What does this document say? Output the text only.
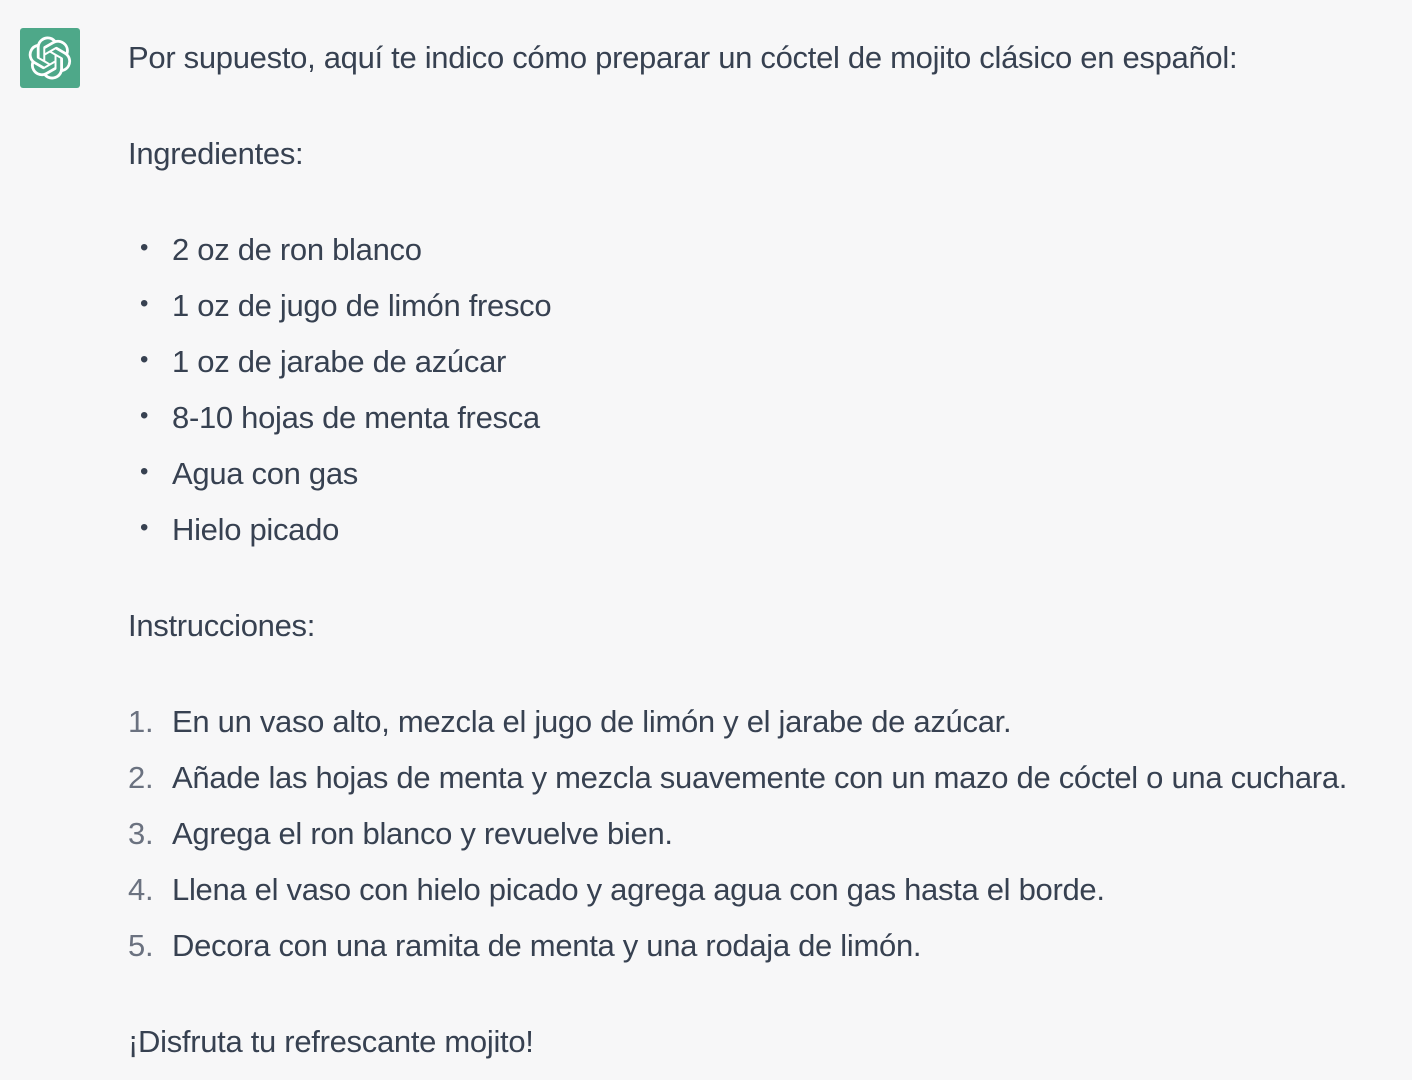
Por supuesto, aquí te indico cómo preparar un cóctel de mojito clásico en español:
Ingredientes:
• 2 oz de ron blanco
• 1 oz de jugo de limón fresco
• 1 oz de jarabe de azúcar
• 8-10 hojas de menta fresca
• Agua con gas
• Hielo picado
Instrucciones:
1. En un vaso alto, mezcla el jugo de limón y el jarabe de azúcar.
2. Añade las hojas de menta y mezcla suavemente con un mazo de cóctel o una cuchara.
3. Agrega el ron blanco y revuelve bien.
4. Llena el vaso con hielo picado y agrega agua con gas hasta el borde.
5. Decora con una ramita de menta y una rodaja de limón.
¡Disfruta tu refrescante mojito!
